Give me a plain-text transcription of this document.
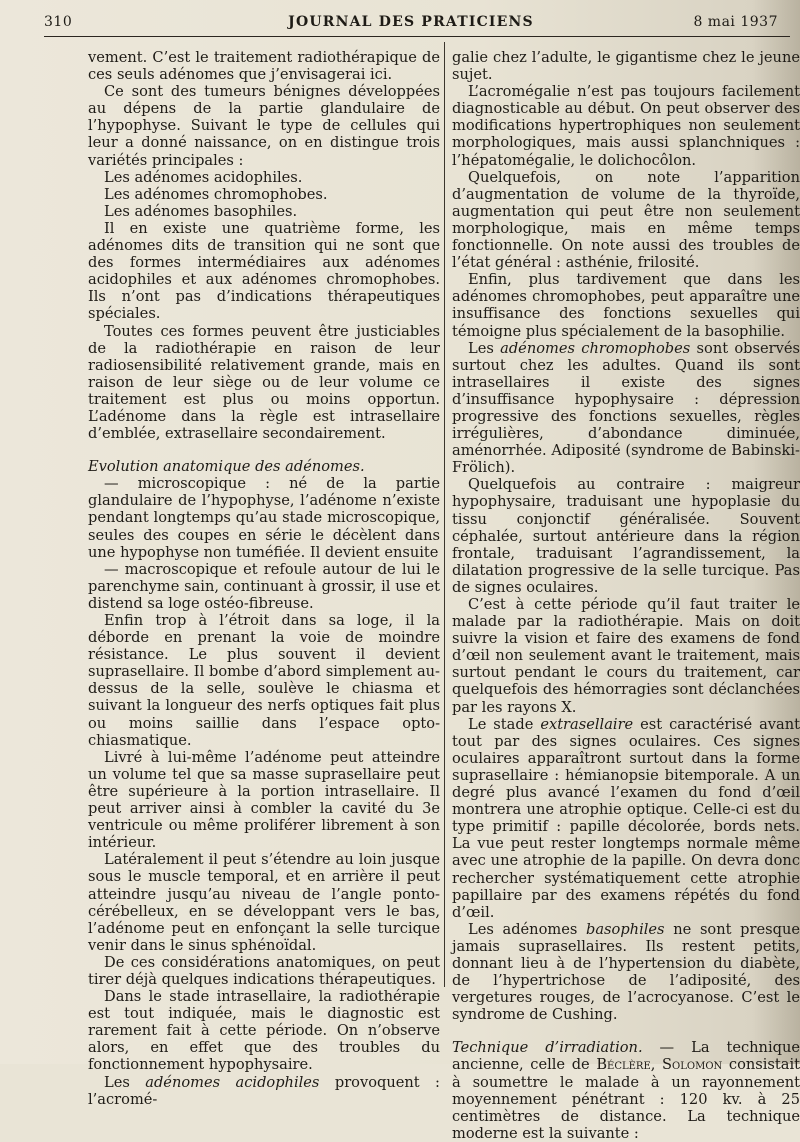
310	JOURNAL DES PRATICIENS	8 mai 1937

vement. C’est le traitement radiothérapique de ces seuls adénomes que j’envisagerai ici.

Ce sont des tumeurs bénignes développées au dépens de la partie glandulaire de l’hypophyse. Suivant le type de cellules qui leur a donné naissance, on en distingue trois variétés principales :

Les adénomes acidophiles.

Les adénomes chromophobes.

Les adénomes basophiles.

Il en existe une quatrième forme, les adénomes dits de transition qui ne sont que des formes intermédiaires aux adénomes acidophiles et aux adénomes chromophobes. Ils n’ont pas d’indications thérapeutiques spéciales.

Toutes ces formes peuvent être justiciables de la radiothérapie en raison de leur radiosensibilité relativement grande, mais en raison de leur siège ou de leur volume ce traitement est plus ou moins opportun. L’adénome dans la règle est intrasellaire d’emblée, extrasellaire secondairement.

Evolution anatomique des adénomes.

— microscopique : né de la partie glandulaire de l’hypophyse, l’adénome n’existe pendant longtemps qu’au stade microscopique, seules des coupes en série le décèlent dans une hypophyse non tuméfiée. Il devient ensuite

— macroscopique et refoule autour de lui le parenchyme sain, continuant à grossir, il use et distend sa loge ostéo-fibreuse.

Enfin trop à l’étroit dans sa loge, il la déborde en prenant la voie de moindre résistance. Le plus souvent il devient suprasellaire. Il bombe d’abord simplement au-dessus de la selle, soulève le chiasma et suivant la longueur des nerfs optiques fait plus ou moins saillie dans l’espace opto-chiasmatique.

Livré à lui-même l’adénome peut atteindre un volume tel que sa masse suprasellaire peut être supérieure à la portion intrasellaire. Il peut arriver ainsi à combler la cavité du 3e ventricule ou même proliférer librement à son intérieur.

Latéralement il peut s’étendre au loin jusque sous le muscle temporal, et en arrière il peut atteindre jusqu’au niveau de l’angle ponto-cérébelleux, en se développant vers le bas, l’adénome peut en enfonçant la selle turcique venir dans le sinus sphénoïdal.

De ces considérations anatomiques, on peut tirer déjà quelques indications thérapeutiques.

Dans le stade intrasellaire, la radiothérapie est tout indiquée, mais le diagnostic est rarement fait à cette période. On n’observe alors, en effet que des troubles du fonctionnement hypophysaire.

Les adénomes acidophiles provoquent : l’acromé-

galie chez l’adulte, le gigantisme chez le jeune sujet.

L’acromégalie n’est pas toujours facilement diagnosticable au début. On peut observer des modifications hypertrophiques non seulement morphologiques, mais aussi splanchniques : l’hépatomégalie, le dolichocôlon.

Quelquefois, on note l’apparition d’augmentation de volume de la thyroïde, augmentation qui peut être non seulement morphologique, mais en même temps fonctionnelle. On note aussi des troubles de l’état général : asthénie, frilosité.

Enfin, plus tardivement que dans les adénomes chromophobes, peut apparaître une insuffisance des fonctions sexuelles qui témoigne plus spécialement de la basophilie.

Les adénomes chromophobes sont observés surtout chez les adultes. Quand ils sont intrasellaires il existe des signes d’insuffisance hypophysaire : dépression progressive des fonctions sexuelles, règles irrégulières, d’abondance diminuée, aménorrhée. Adiposité (syndrome de Babinski-Frölich).

Quelquefois au contraire : maigreur hypophysaire, traduisant une hypoplasie du tissu conjonctif généralisée. Souvent céphalée, surtout antérieure dans la région frontale, traduisant l’agrandissement, la dilatation progressive de la selle turcique. Pas de signes oculaires.

C’est à cette période qu’il faut traiter le malade par la radiothérapie. Mais on doit suivre la vision et faire des examens de fond d’œil non seulement avant le traitement, mais surtout pendant le cours du traitement, car quelquefois des hémorragies sont déclanchées par les rayons X.

Le stade extrasellaire est caractérisé avant tout par des signes oculaires. Ces signes oculaires apparaîtront surtout dans la forme suprasellaire : hémianopsie bitemporale. A un degré plus avancé l’examen du fond d’œil montrera une atrophie optique. Celle-ci est du type primitif : papille décolorée, bords nets. La vue peut rester longtemps normale même avec une atrophie de la papille. On devra donc rechercher systématiquement cette atrophie papillaire par des examens répétés du fond d’œil.

Les adénomes basophiles ne sont presque jamais suprasellaires. Ils restent petits, donnant lieu à de l’hypertension du diabète, de l’hypertrichose de l’adiposité, des vergetures rouges, de l’acrocyanose. C’est le syndrome de Cushing.

Technique d’irradiation. — La technique ancienne, celle de Béclère, Solomon consistait à soumettre le malade à un rayonnement moyennement pénétrant : 120 kv. à 25 centimètres de distance. La technique moderne est la suivante :
